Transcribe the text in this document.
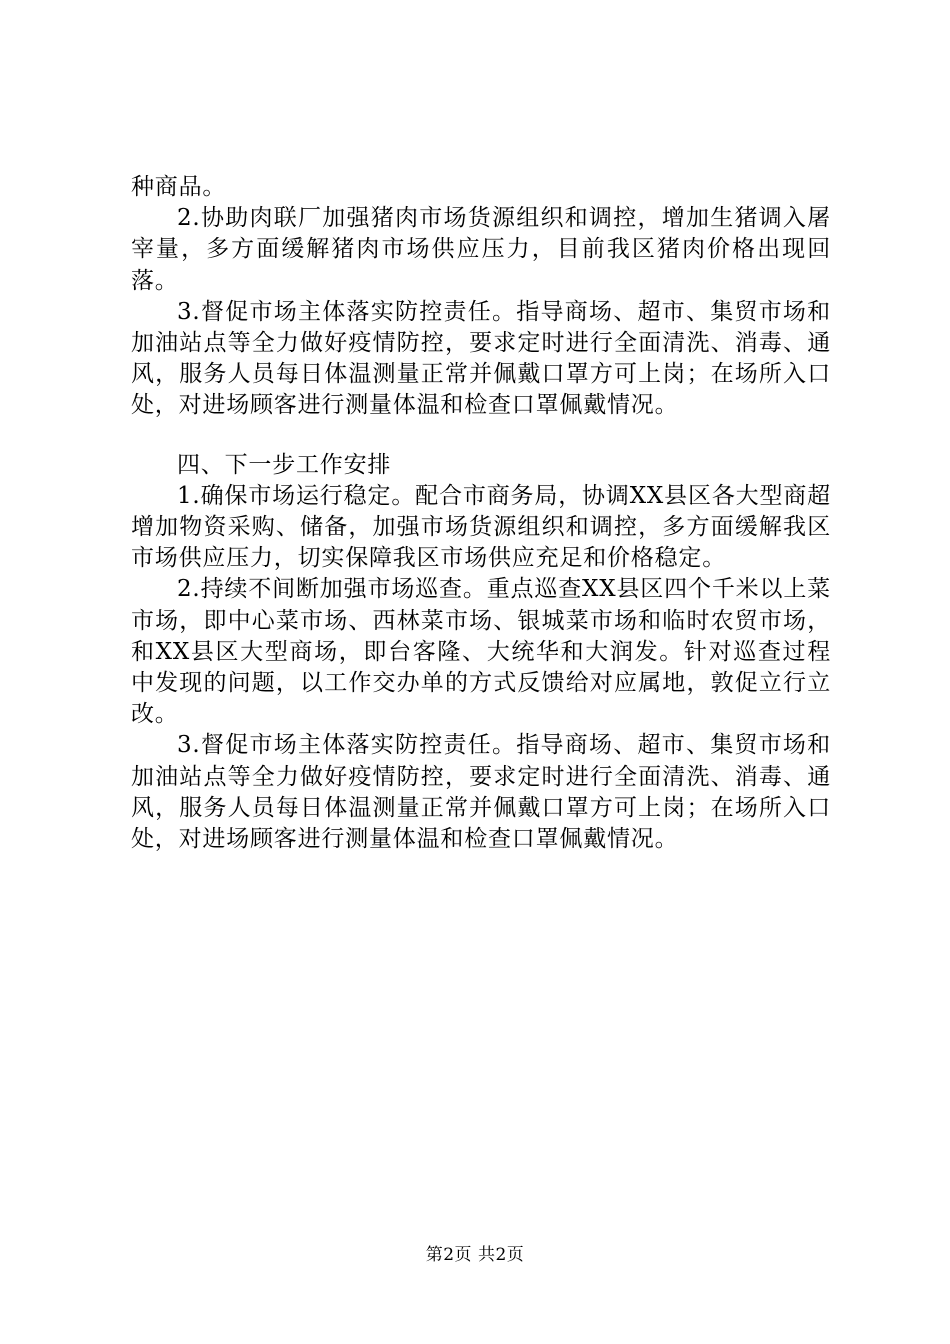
种商品。

2.协助肉联厂加强猪肉市场货源组织和调控，增加生猪调入屠宰量，多方面缓解猪肉市场供应压力，目前我区猪肉价格出现回落。

3.督促市场主体落实防控责任。指导商场、超市、集贸市场和加油站点等全力做好疫情防控，要求定时进行全面清洗、消毒、通风，服务人员每日体温测量正常并佩戴口罩方可上岗；在场所入口处，对进场顾客进行测量体温和检查口罩佩戴情况。

四、下一步工作安排

1.确保市场运行稳定。配合市商务局，协调XX县区各大型商超增加物资采购、储备，加强市场货源组织和调控，多方面缓解我区市场供应压力，切实保障我区市场供应充足和价格稳定。

2.持续不间断加强市场巡查。重点巡查XX县区四个千米以上菜市场，即中心菜市场、西林菜市场、银城菜市场和临时农贸市场，和XX县区大型商场，即台客隆、大统华和大润发。针对巡查过程中发现的问题，以工作交办单的方式反馈给对应属地，敦促立行立改。

3.督促市场主体落实防控责任。指导商场、超市、集贸市场和加油站点等全力做好疫情防控，要求定时进行全面清洗、消毒、通风，服务人员每日体温测量正常并佩戴口罩方可上岗；在场所入口处，对进场顾客进行测量体温和检查口罩佩戴情况。

第2页 共2页
